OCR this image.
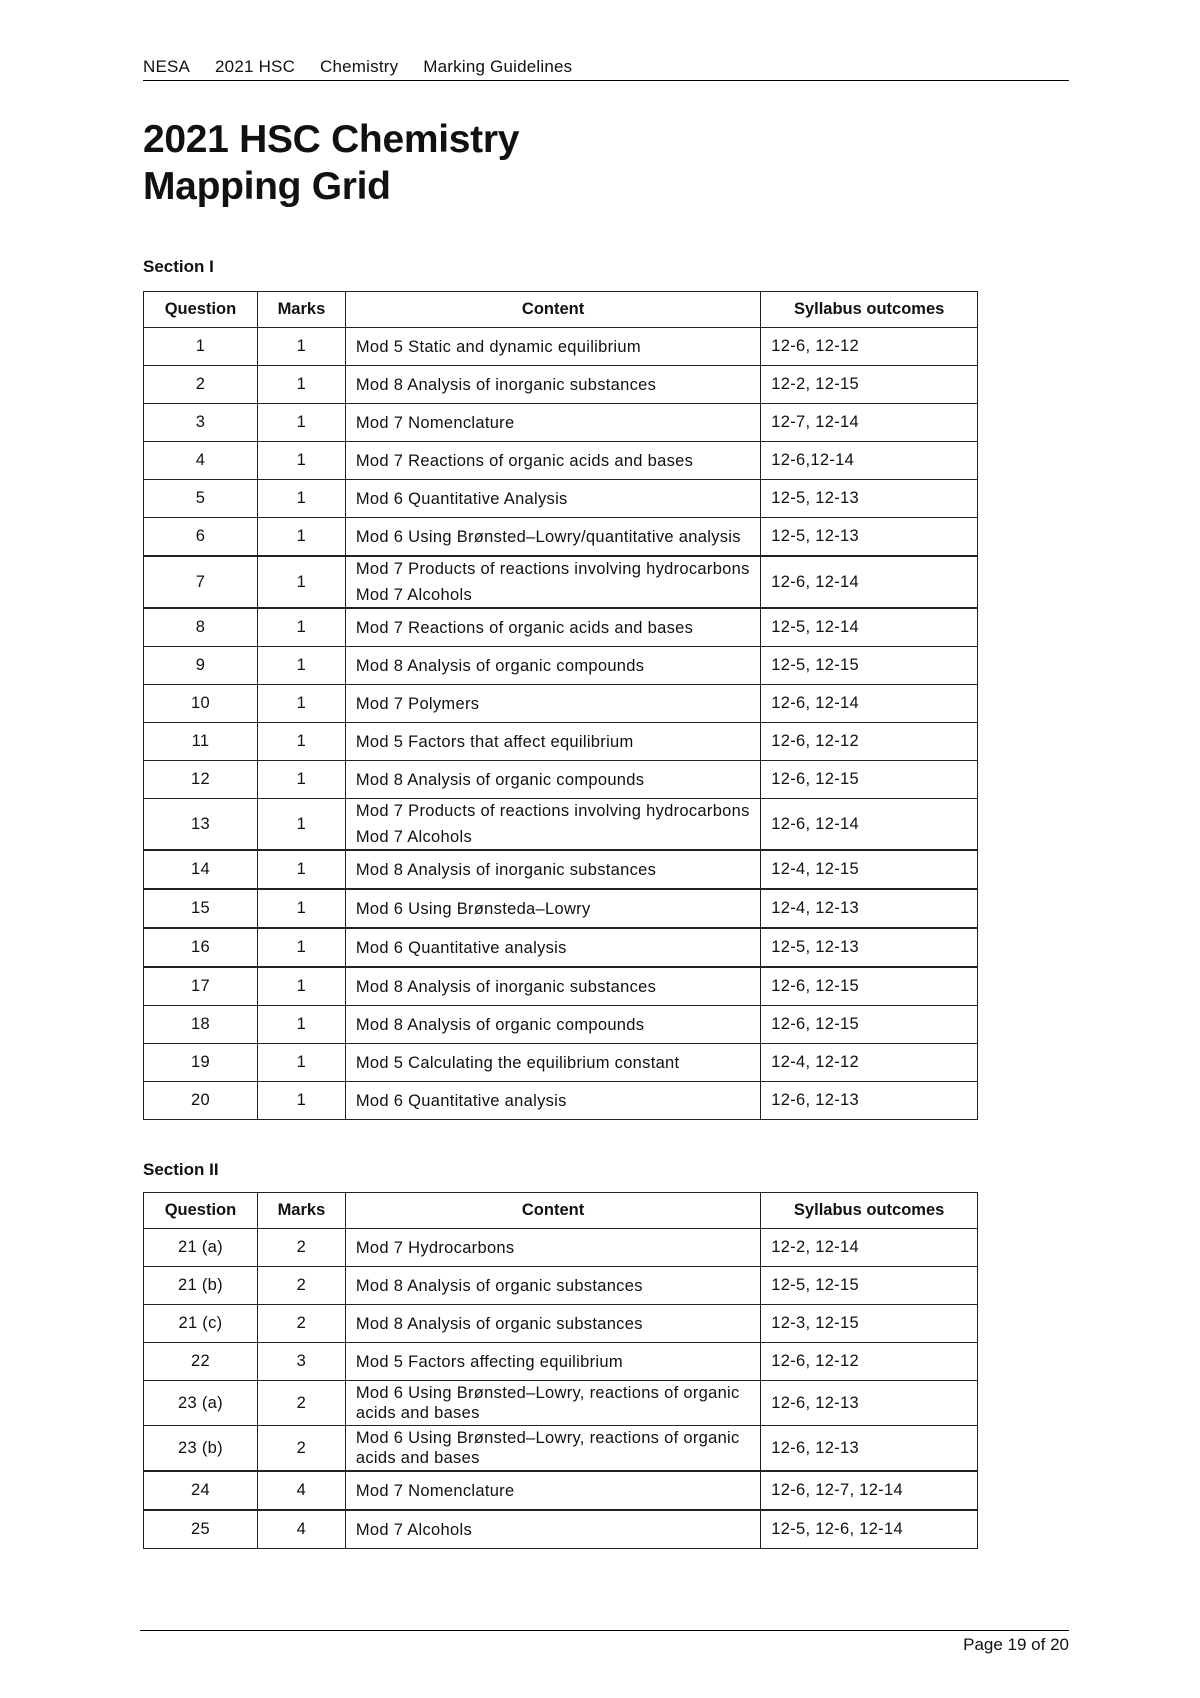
NESA 2021 HSC Chemistry Marking Guidelines
2021 HSC Chemistry
Mapping Grid
Section I
Question	Marks	Content	Syllabus outcomes
1	1	Mod 5 Static and dynamic equilibrium	12-6, 12-12
2	1	Mod 8 Analysis of inorganic substances	12-2, 12-15
3	1	Mod 7 Nomenclature	12-7, 12-14
4	1	Mod 7 Reactions of organic acids and bases	12-6,12-14
5	1	Mod 6 Quantitative Analysis	12-5, 12-13
6	1	Mod 6 Using Brønsted–Lowry/quantitative analysis	12-5, 12-13
7	1	Mod 7 Products of reactions involving hydrocarbons
Mod 7 Alcohols	12-6, 12-14
8	1	Mod 7 Reactions of organic acids and bases	12-5, 12-14
9	1	Mod 8 Analysis of organic compounds	12-5, 12-15
10	1	Mod 7 Polymers	12-6, 12-14
11	1	Mod 5 Factors that affect equilibrium	12-6, 12-12
12	1	Mod 8 Analysis of organic compounds	12-6, 12-15
13	1	Mod 7 Products of reactions involving hydrocarbons
Mod 7 Alcohols	12-6, 12-14
14	1	Mod 8 Analysis of inorganic substances	12-4, 12-15
15	1	Mod 6 Using Brønsteda–Lowry	12-4, 12-13
16	1	Mod 6 Quantitative analysis	12-5, 12-13
17	1	Mod 8 Analysis of inorganic substances	12-6, 12-15
18	1	Mod 8 Analysis of organic compounds	12-6, 12-15
19	1	Mod 5 Calculating the equilibrium constant	12-4, 12-12
20	1	Mod 6 Quantitative analysis	12-6, 12-13
Section II
Question	Marks	Content	Syllabus outcomes
21 (a)	2	Mod 7 Hydrocarbons	12-2, 12-14
21 (b)	2	Mod 8 Analysis of organic substances	12-5, 12-15
21 (c)	2	Mod 8 Analysis of organic substances	12-3, 12-15
22	3	Mod 5 Factors affecting equilibrium	12-6, 12-12
23 (a)	2	Mod 6 Using Brønsted–Lowry, reactions of organic acids and bases	12-6, 12-13
23 (b)	2	Mod 6 Using Brønsted–Lowry, reactions of organic acids and bases	12-6, 12-13
24	4	Mod 7 Nomenclature	12-6, 12-7, 12-14
25	4	Mod 7 Alcohols	12-5, 12-6, 12-14
Page 19 of 20
